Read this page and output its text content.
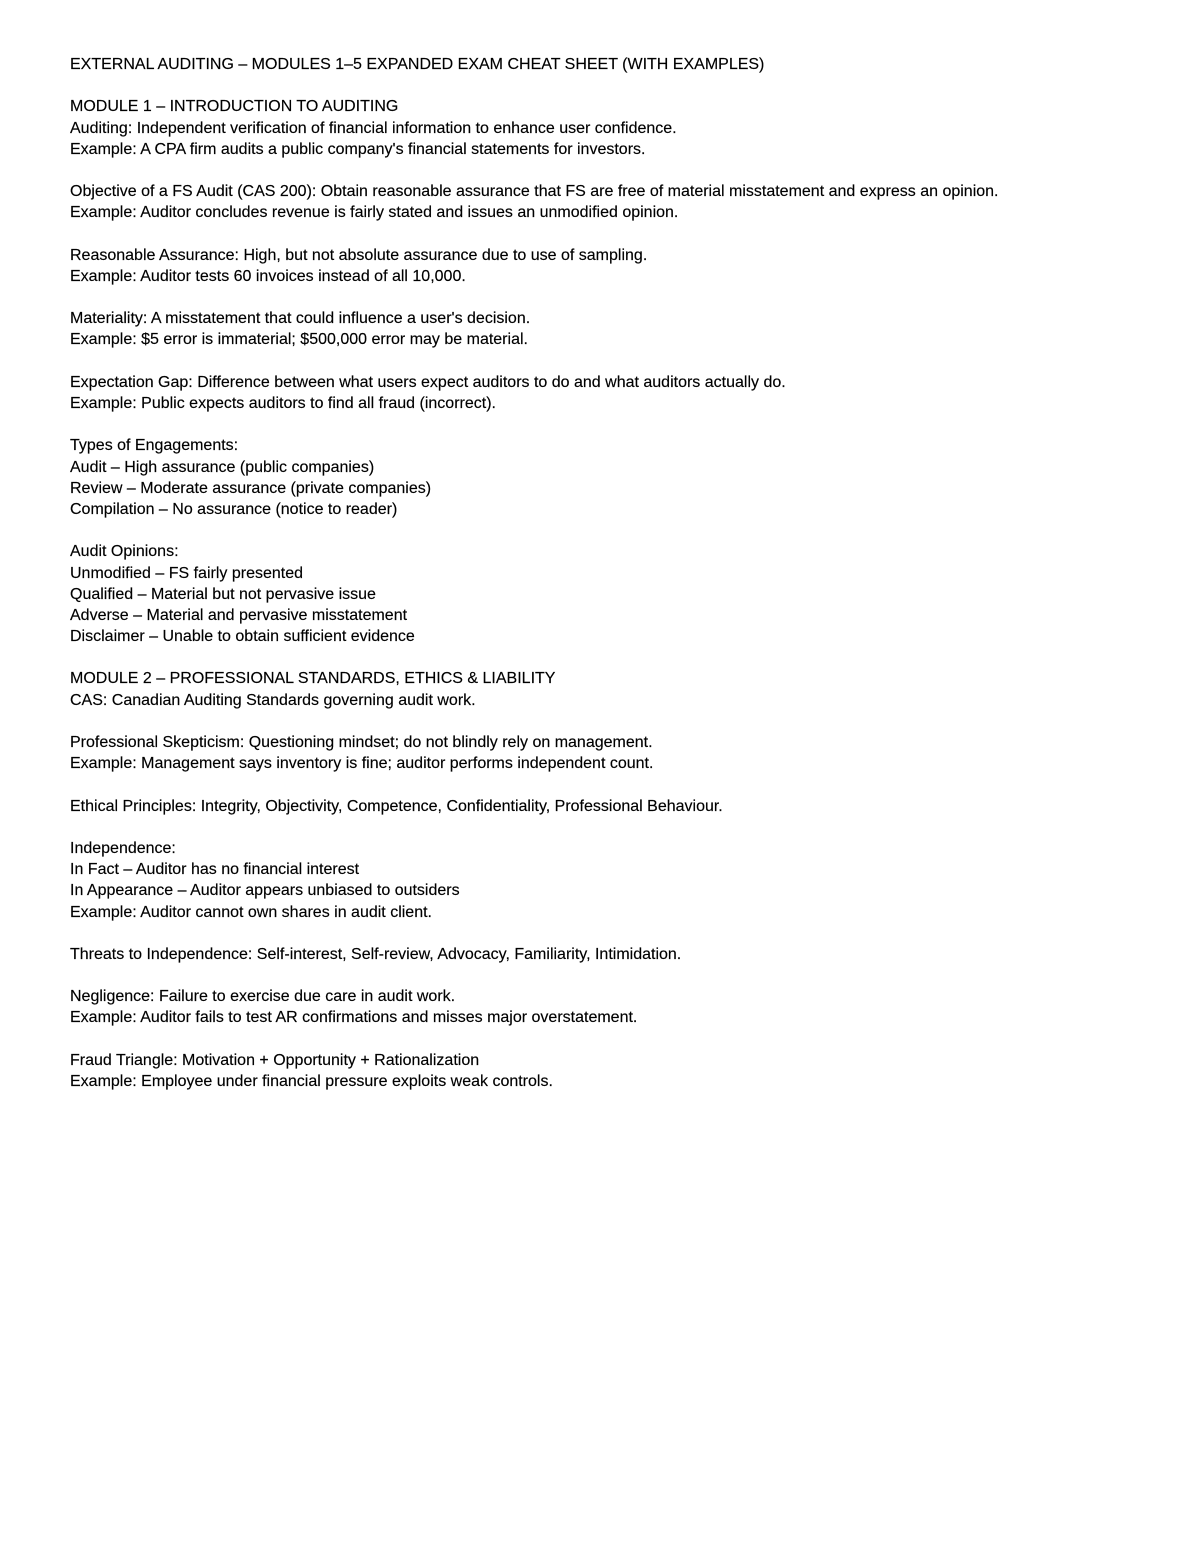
EXTERNAL AUDITING – MODULES 1–5 EXPANDED EXAM CHEAT SHEET (WITH EXAMPLES)
MODULE 1 – INTRODUCTION TO AUDITING
Auditing: Independent verification of financial information to enhance user confidence.
Example: A CPA firm audits a public company's financial statements for investors.
Objective of a FS Audit (CAS 200): Obtain reasonable assurance that FS are free of material misstatement and express an opinion.
Example: Auditor concludes revenue is fairly stated and issues an unmodified opinion.
Reasonable Assurance: High, but not absolute assurance due to use of sampling.
Example: Auditor tests 60 invoices instead of all 10,000.
Materiality: A misstatement that could influence a user's decision.
Example: $5 error is immaterial; $500,000 error may be material.
Expectation Gap: Difference between what users expect auditors to do and what auditors actually do.
Example: Public expects auditors to find all fraud (incorrect).
Types of Engagements:
Audit – High assurance (public companies)
Review – Moderate assurance (private companies)
Compilation – No assurance (notice to reader)
Audit Opinions:
Unmodified – FS fairly presented
Qualified – Material but not pervasive issue
Adverse – Material and pervasive misstatement
Disclaimer – Unable to obtain sufficient evidence
MODULE 2 – PROFESSIONAL STANDARDS, ETHICS & LIABILITY
CAS: Canadian Auditing Standards governing audit work.
Professional Skepticism: Questioning mindset; do not blindly rely on management.
Example: Management says inventory is fine; auditor performs independent count.
Ethical Principles: Integrity, Objectivity, Competence, Confidentiality, Professional Behaviour.
Independence:
In Fact – Auditor has no financial interest
In Appearance – Auditor appears unbiased to outsiders
Example: Auditor cannot own shares in audit client.
Threats to Independence: Self-interest, Self-review, Advocacy, Familiarity, Intimidation.
Negligence: Failure to exercise due care in audit work.
Example: Auditor fails to test AR confirmations and misses major overstatement.
Fraud Triangle: Motivation + Opportunity + Rationalization
Example: Employee under financial pressure exploits weak controls.
